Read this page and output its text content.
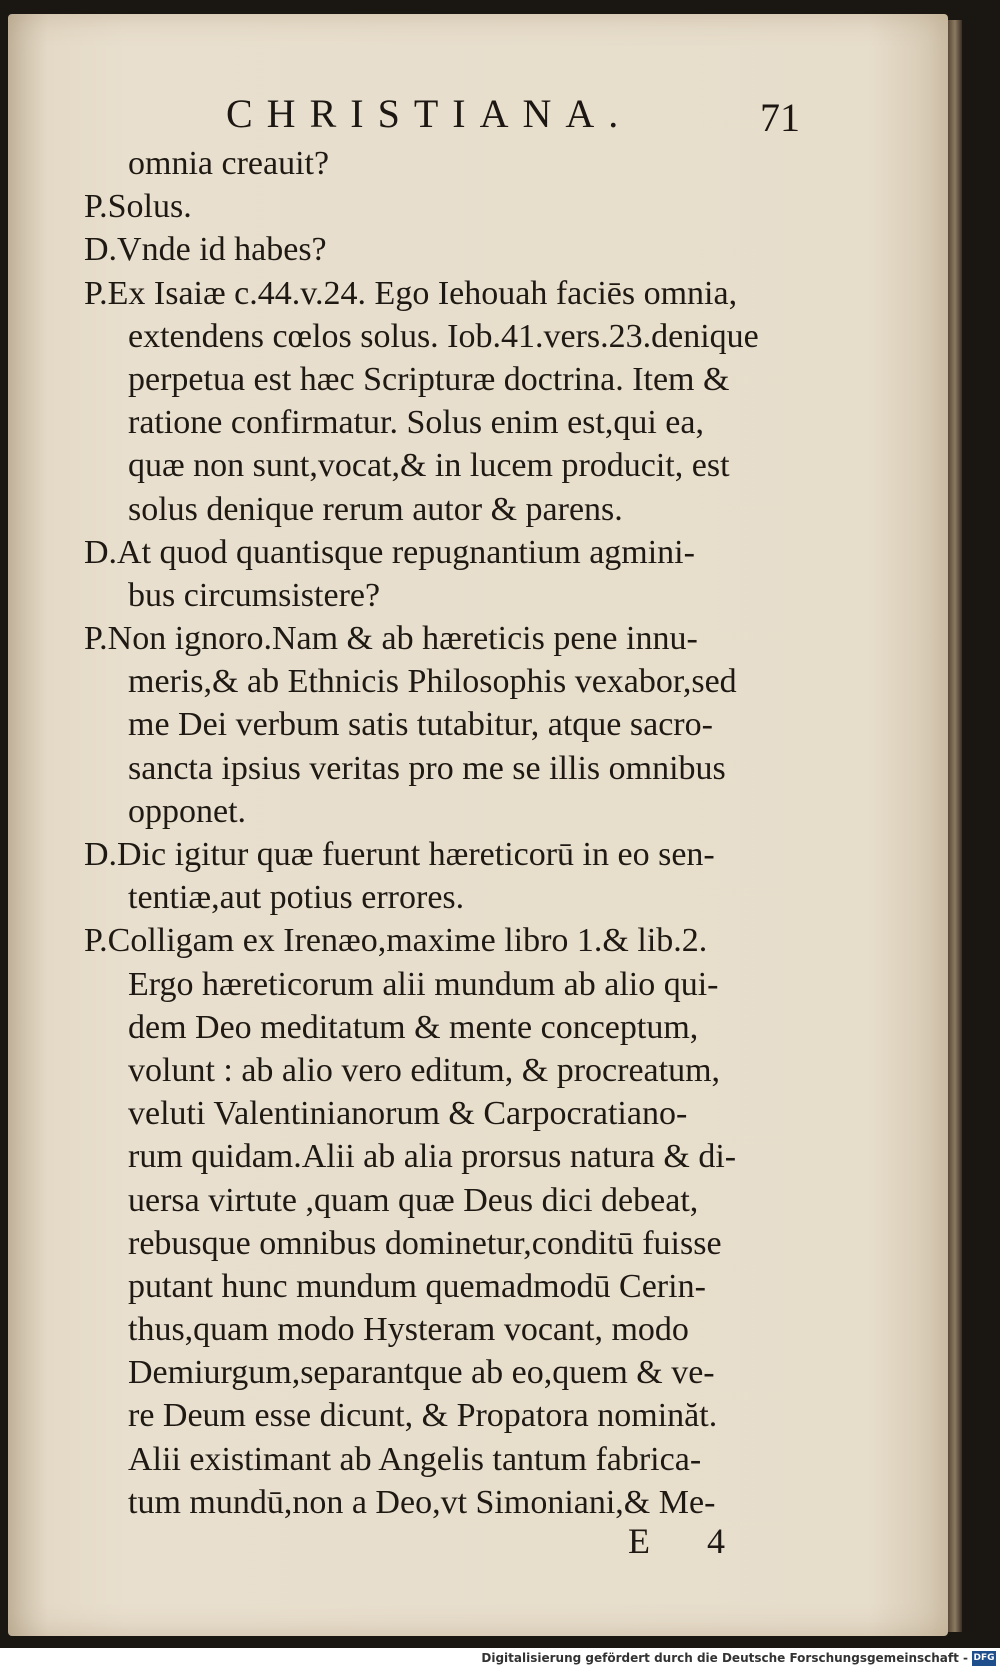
CHRISTIANA.	71
omnia creauit?
P.Solus.
D.Vnde id habes?
P.Ex Isaiæ c.44.v.24. Ego Iehouah faciēs omnia,
extendens cœlos solus. Iob.41.vers.23.denique
perpetua est hæc Scripturæ doctrina. Item &
ratione confirmatur. Solus enim est,qui ea,
quæ non sunt,vocat,& in lucem producit, est
solus denique rerum autor & parens.
D.At quod quantisque repugnantium agmini-
bus circumsistere?
P.Non ignoro.Nam & ab hæreticis pene innu-
meris,& ab Ethnicis Philosophis vexabor,sed
me Dei verbum satis tutabitur, atque sacro-
sancta ipsius veritas pro me se illis omnibus
opponet.
D.Dic igitur quæ fuerunt hæreticorū in eo sen-
tentiæ,aut potius errores.
P.Colligam ex Irenæo,maxime libro 1.& lib.2.
Ergo hæreticorum alii mundum ab alio qui-
dem Deo meditatum & mente conceptum,
volunt : ab alio vero editum, & procreatum,
veluti Valentinianorum & Carpocratiano-
rum quidam.Alii ab alia prorsus natura & di-
uersa virtute ,quam quæ Deus dici debeat,
rebusque omnibus dominetur,conditū fuisse
putant hunc mundum quemadmodū Cerin-
thus,quam modo Hysteram vocant, modo
Demiurgum,separantque ab eo,quem & ve-
re Deum esse dicunt, & Propatora nominăt.
Alii existimant ab Angelis tantum fabrica-
tum mundū,non a Deo,vt Simoniani,& Me-
E 4
Digitalisierung gefördert durch die Deutsche Forschungsgemeinschaft - DFG
